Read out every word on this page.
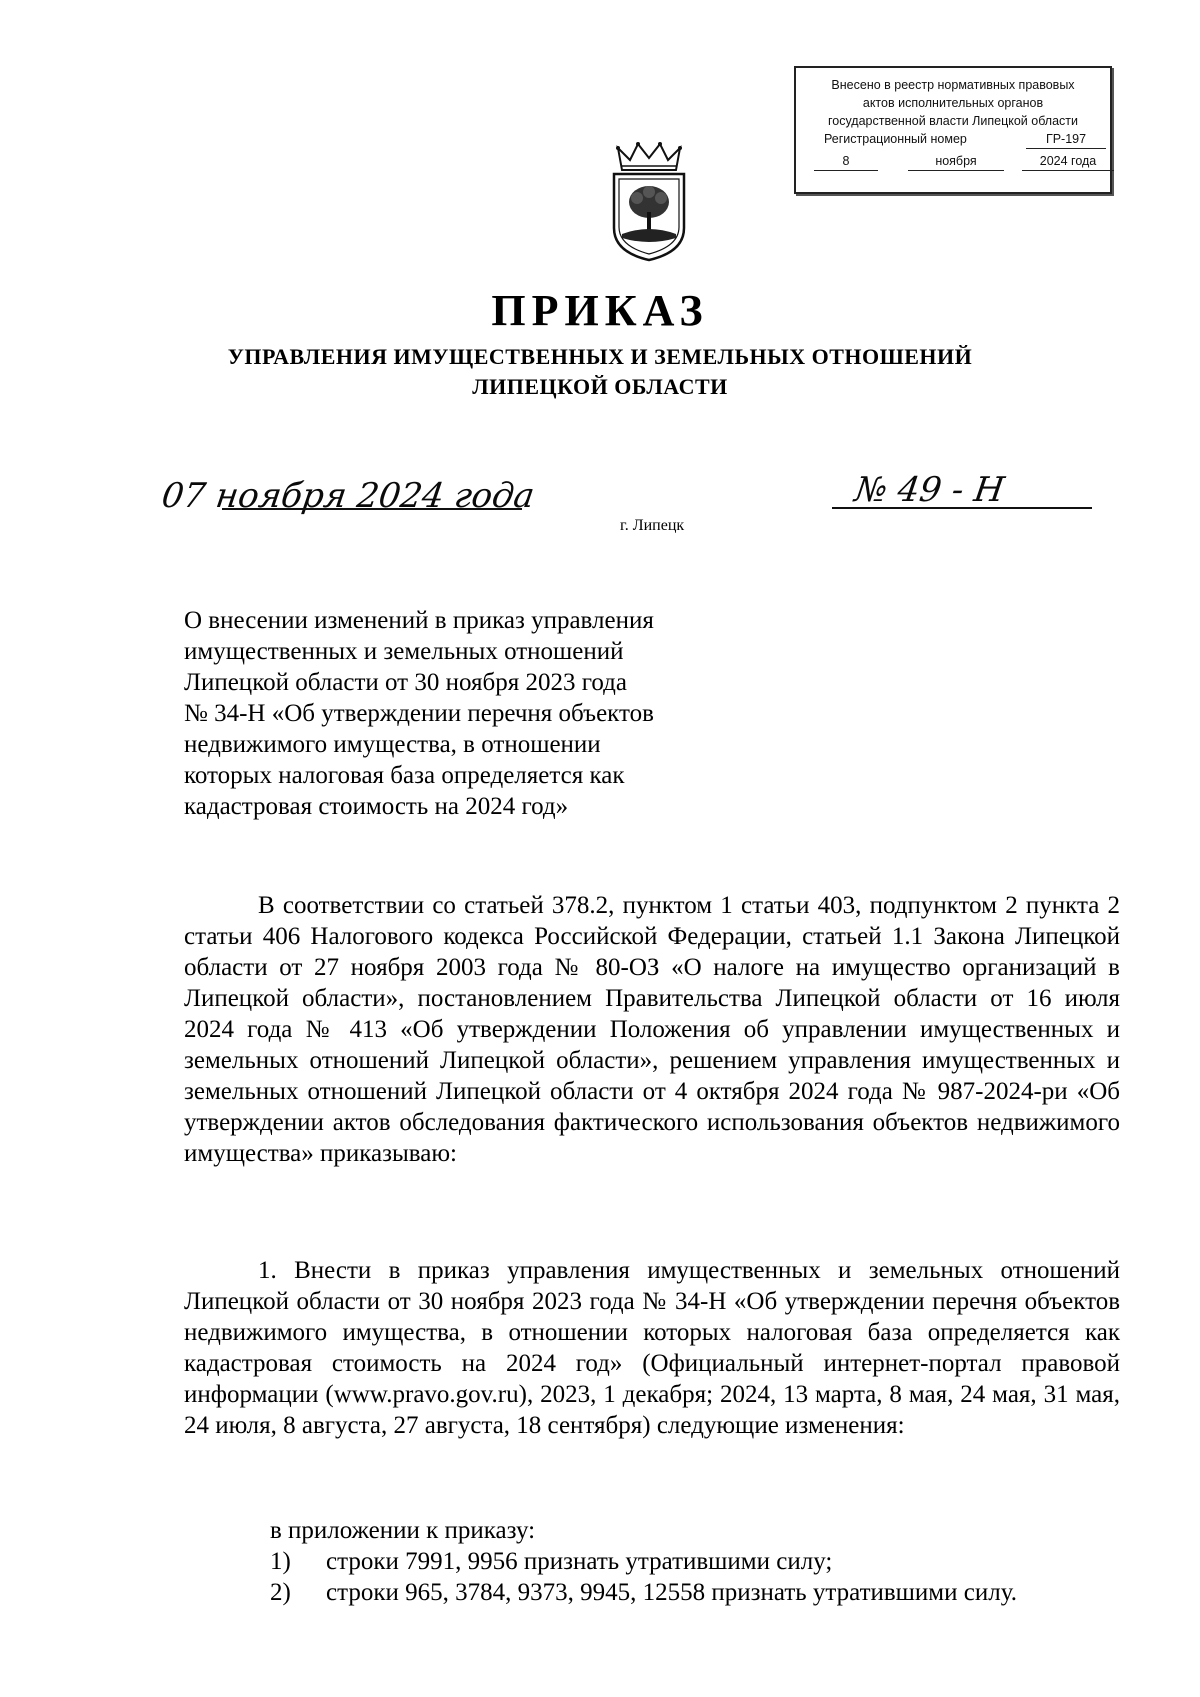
Внесено в реестр нормативных правовых
актов исполнительных органов
государственной власти Липецкой области
Регистрационный номер	ГР-197
8	ноября	2024 года
ПРИКАЗ
УПРАВЛЕНИЯ ИМУЩЕСТВЕННЫХ И ЗЕМЕЛЬНЫХ ОТНОШЕНИЙ
ЛИПЕЦКОЙ ОБЛАСТИ
07 ноября 2024 года	№ 49 - Н
г. Липецк
О внесении изменений в приказ управления
имущественных и земельных отношений
Липецкой области от 30 ноября 2023 года
№ 34-Н «Об утверждении перечня объектов
недвижимого имущества, в отношении
которых налоговая база определяется как
кадастровая стоимость на 2024 год»

В соответствии со статьей 378.2, пунктом 1 статьи 403, подпунктом 2 пункта 2 статьи 406 Налогового кодекса Российской Федерации, статьей 1.1 Закона Липецкой области от 27 ноября 2003 года № 80-ОЗ «О налоге на имущество организаций в Липецкой области», постановлением Правительства Липецкой области от 16 июля 2024 года № 413 «Об утверждении Положения об управлении имущественных и земельных отношений Липецкой области», решением управления имущественных и земельных отношений Липецкой области от 4 октября 2024 года № 987-2024-ри «Об утверждении актов обследования фактического использования объектов недвижимого имущества» приказываю:

1. Внести в приказ управления имущественных и земельных отношений Липецкой области от 30 ноября 2023 года № 34-Н «Об утверждении перечня объектов недвижимого имущества, в отношении которых налоговая база определяется как кадастровая стоимость на 2024 год» (Официальный интернет-портал правовой информации (www.pravo.gov.ru), 2023, 1 декабря; 2024, 13 марта, 8 мая, 24 мая, 31 мая, 24 июля, 8 августа, 27 августа, 18 сентября) следующие изменения:

в приложении к приказу:
1)	строки 7991, 9956 признать утратившими силу;
2)	строки 965, 3784, 9373, 9945, 12558 признать утратившими силу.
